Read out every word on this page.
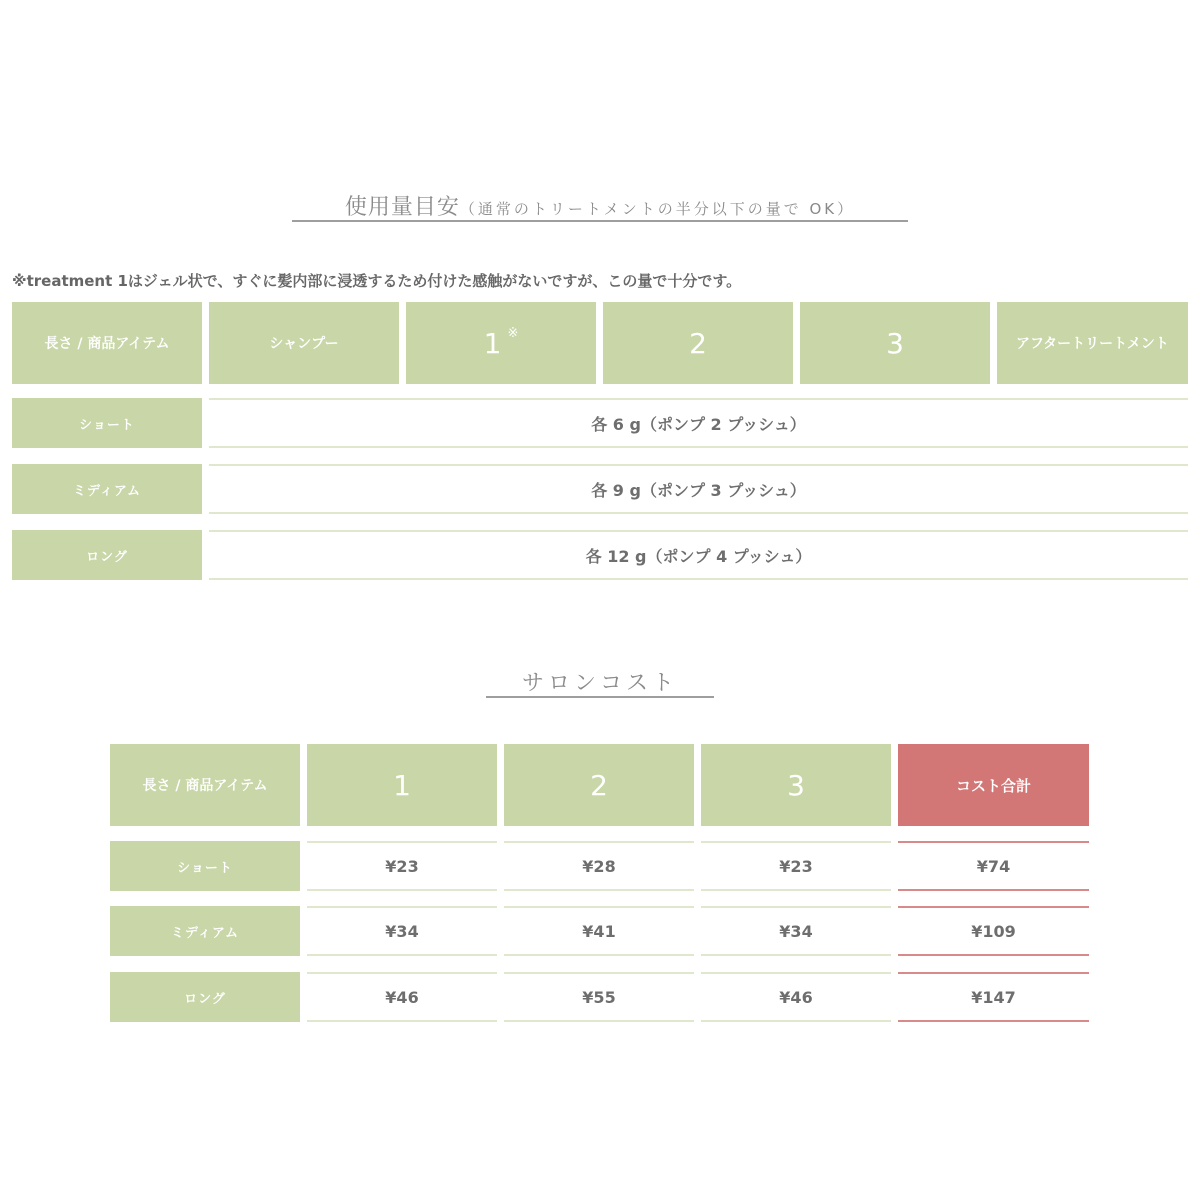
使用量目安（通常のトリートメントの半分以下の量で OK）
※treatment 1はジェル状で、すぐに髪内部に浸透するため付けた感触がないですが、この量で十分です。
長さ / 商品アイテム	シャンプー	1 ※	2	3	アフタートリートメント
ショート	各 6 g（ポンプ 2 プッシュ）
ミディアム	各 9 g（ポンプ 3 プッシュ）
ロング	各 12 g（ポンプ 4 プッシュ）
サロンコスト
長さ / 商品アイテム	1	2	3	コスト合計
ショート	¥23	¥28	¥23	¥74
ミディアム	¥34	¥41	¥34	¥109
ロング	¥46	¥55	¥46	¥147
